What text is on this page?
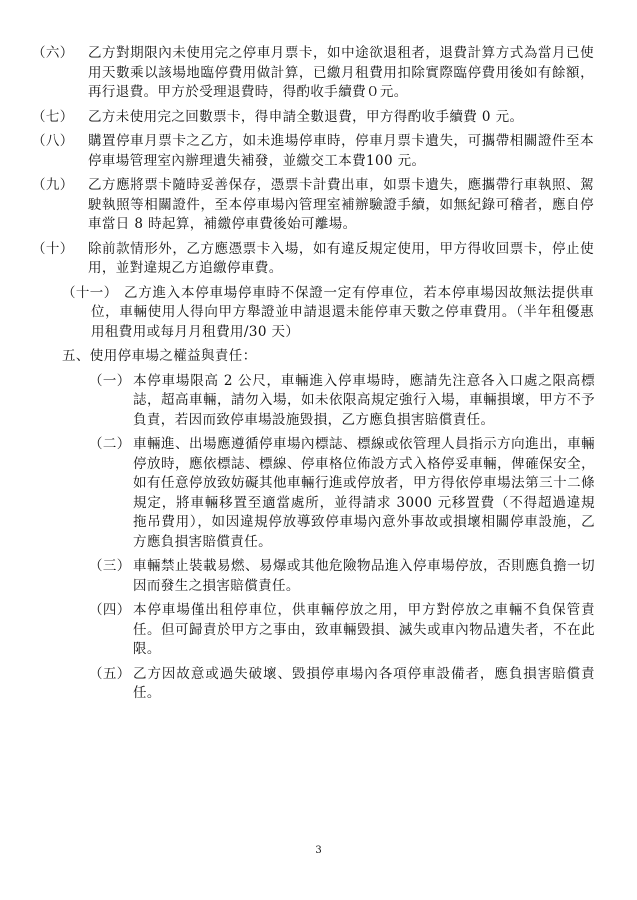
（六） 乙方對期限內未使用完之停車月票卡，如中途欲退租者，退費計算方式為當月已使用天數乘以該場地臨停費用做計算，已繳月租費用扣除實際臨停費用後如有餘額，再行退費。甲方於受理退費時，得酌收手續費０元。
（七） 乙方未使用完之回數票卡，得申請全數退費，甲方得酌收手續費 0 元。
（八） 購置停車月票卡之乙方，如未進場停車時，停車月票卡遺失，可攜帶相關證件至本停車場管理室內辦理遺失補發，並繳交工本費100 元。
（九） 乙方應將票卡隨時妥善保存，憑票卡計費出車，如票卡遺失，應攜帶行車執照、駕駛執照等相關證件，至本停車場內管理室補辦驗證手續，如無紀錄可稽者，應自停車當日 8 時起算，補繳停車費後始可離場。
（十） 除前款情形外，乙方應憑票卡入場，如有違反規定使用，甲方得收回票卡，停止使用，並對違規乙方追繳停車費。
（十一） 乙方進入本停車場停車時不保證一定有停車位，若本停車場因故無法提供車位，車輛使用人得向甲方舉證並申請退還未能停車天數之停車費用。（半年租優惠用租費用或每月月租費用/30 天）
五、使用停車場之權益與責任：
（一） 本停車場限高 2 公尺，車輛進入停車場時，應請先注意各入口處之限高標誌，超高車輛，請勿入場，如未依限高規定強行入場，車輛損壞，甲方不予負責，若因而致停車場設施毀損，乙方應負損害賠償責任。
（二） 車輛進、出場應遵循停車場內標誌、標線或依管理人員指示方向進出，車輛停放時，應依標誌、標線、停車格位佈設方式入格停妥車輛，俾確保安全，如有任意停放致妨礙其他車輛行進或停放者，甲方得依停車場法第三十二條規定，將車輛移置至適當處所，並得請求 3000 元移置費（不得超過違規拖吊費用），如因違規停放導致停車場內意外事故或損壞相關停車設施，乙方應負損害賠償責任。
（三） 車輛禁止裝載易燃、易爆或其他危險物品進入停車場停放，否則應負擔一切因而發生之損害賠償責任。
（四） 本停車場僅出租停車位，供車輛停放之用，甲方對停放之車輛不負保管責任。但可歸責於甲方之事由，致車輛毀損、滅失或車內物品遺失者，不在此限。
（五） 乙方因故意或過失破壞、毀損停車場內各項停車設備者，應負損害賠償責任。
3
